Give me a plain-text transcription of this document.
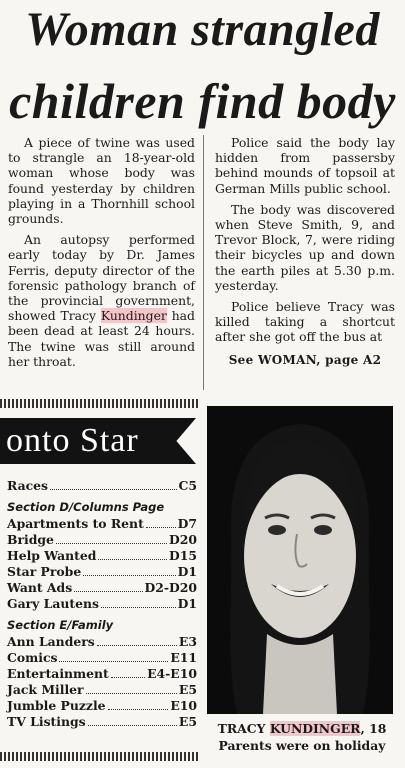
Woman strangled
children find body

A piece of twine was used to strangle an 18-year-old woman whose body was found yesterday by children playing in a Thornhill school grounds.

An autopsy performed early today by Dr. James Ferris, deputy director of the forensic pathology branch of the provincial government, showed Tracy Kundinger had been dead at least 24 hours. The twine was still around her throat.

Police said the body lay hidden from passersby behind mounds of topsoil at German Mills public school.

The body was discovered when Steve Smith, 9, and Trevor Block, 7, were riding their bicycles up and down the earth piles at 5.30 p.m. yesterday.

Police believe Tracy was killed taking a shortcut after she got off the bus at

See WOMAN, page A2
onto Star
Races	C5
Section D/Columns Page
Apartments to Rent	D7
Bridge	D20
Help Wanted	D15
Star Probe	D1
Want Ads	D2-D20
Gary Lautens	D1
Section E/Family
Ann Landers	E3
Comics	E11
Entertainment	E4-E10
Jack Miller	E5
Jumble Puzzle	E10
TV Listings	E5	TRACY KUNDINGER, 18
Parents were on holiday
